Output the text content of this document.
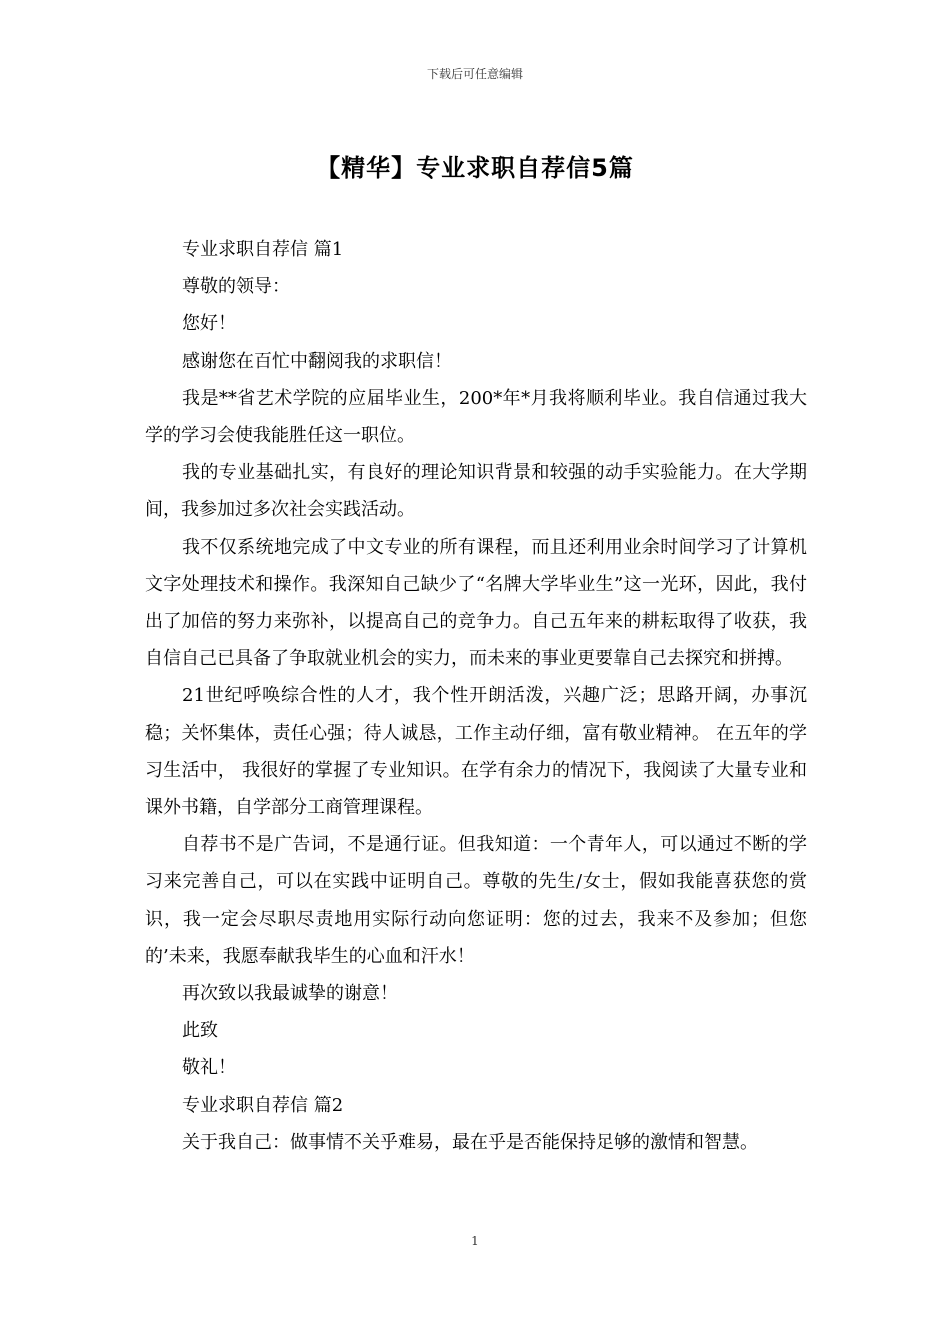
下载后可任意编辑
【精华】专业求职自荐信5篇

专业求职自荐信 篇1

尊敬的领导：

您好！

感谢您在百忙中翻阅我的求职信！

我是**省艺术学院的应届毕业生，200*年*月我将顺利毕业。我自信通过我大学的学习会使我能胜任这一职位。

我的专业基础扎实，有良好的理论知识背景和较强的动手实验能力。在大学期间，我参加过多次社会实践活动。

我不仅系统地完成了中文专业的所有课程，而且还利用业余时间学习了计算机文字处理技术和操作。我深知自己缺少了“名牌大学毕业生”这一光环，因此，我付出了加倍的努力来弥补，以提高自己的竞争力。自己五年来的耕耘取得了收获，我自信自己已具备了争取就业机会的实力，而未来的事业更要靠自己去探究和拼搏。

21世纪呼唤综合性的人才，我个性开朗活泼，兴趣广泛；思路开阔，办事沉稳；关怀集体，责任心强；待人诚恳，工作主动仔细，富有敬业精神。 在五年的学习生活中， 我很好的掌握了专业知识。在学有余力的情况下，我阅读了大量专业和课外书籍，自学部分工商管理课程。

自荐书不是广告词，不是通行证。但我知道：一个青年人，可以通过不断的学习来完善自己，可以在实践中证明自己。尊敬的先生/女士，假如我能喜获您的赏识，我一定会尽职尽责地用实际行动向您证明：您的过去，我来不及参加；但您的’未来，我愿奉献我毕生的心血和汗水！

再次致以我最诚挚的谢意！

此致

敬礼！

专业求职自荐信 篇2

关于我自己：做事情不关乎难易，最在乎是否能保持足够的激情和智慧。

1
